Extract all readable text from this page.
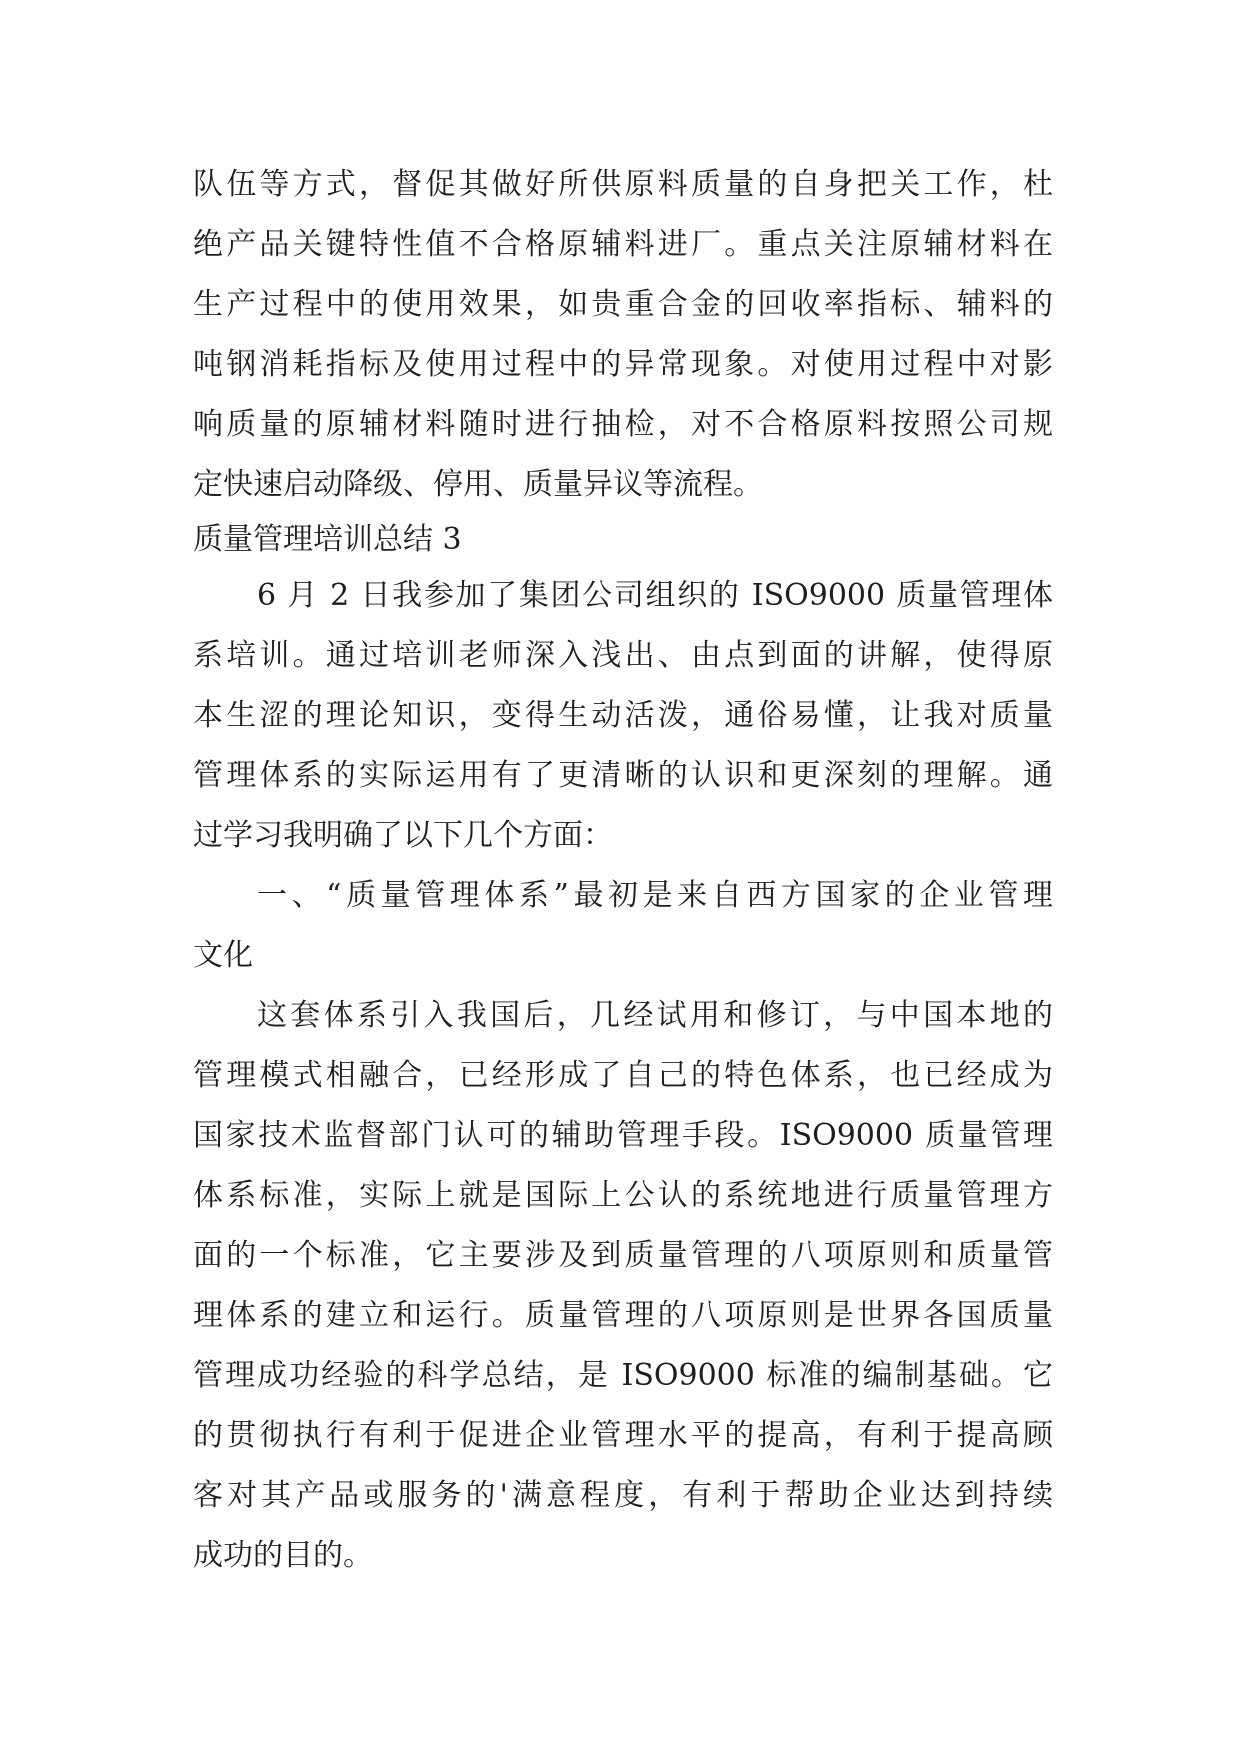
队伍等方式，督促其做好所供原料质量的自身把关工作，杜
绝产品关键特性值不合格原辅料进厂。重点关注原辅材料在
生产过程中的使用效果，如贵重合金的回收率指标、辅料的
吨钢消耗指标及使用过程中的异常现象。对使用过程中对影
响质量的原辅材料随时进行抽检，对不合格原料按照公司规
定快速启动降级、停用、质量异议等流程。
质量管理培训总结 3
6 月 2 日我参加了集团公司组织的 ISO9000 质量管理体
系培训。通过培训老师深入浅出、由点到面的讲解，使得原
本生涩的理论知识，变得生动活泼，通俗易懂，让我对质量
管理体系的实际运用有了更清晰的认识和更深刻的理解。通
过学习我明确了以下几个方面：
一、“质量管理体系”最初是来自西方国家的企业管理
文化
这套体系引入我国后，几经试用和修订，与中国本地的
管理模式相融合，已经形成了自己的特色体系，也已经成为
国家技术监督部门认可的辅助管理手段。ISO9000 质量管理
体系标准，实际上就是国际上公认的系统地进行质量管理方
面的一个标准，它主要涉及到质量管理的八项原则和质量管
理体系的建立和运行。质量管理的八项原则是世界各国质量
管理成功经验的科学总结，是 ISO9000 标准的编制基础。它
的贯彻执行有利于促进企业管理水平的提高，有利于提高顾
客对其产品或服务的'满意程度，有利于帮助企业达到持续
成功的目的。
